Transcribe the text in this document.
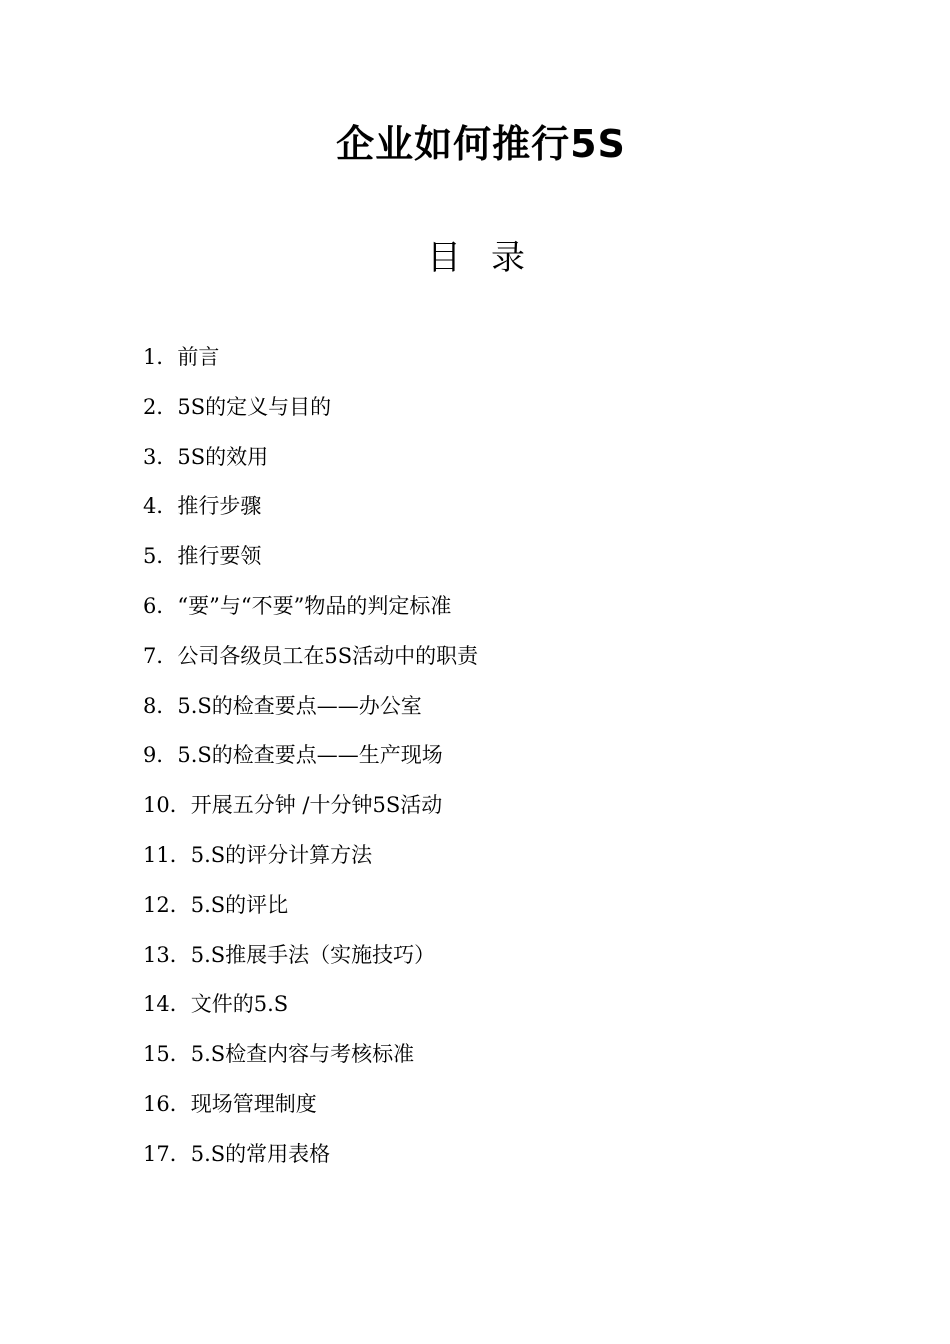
企业如何推行5S
目 录
1．前言
2．5S的定义与目的
3．5S的效用
4．推行步骤
5．推行要领
6．“要”与“不要”物品的判定标准
7．公司各级员工在5S活动中的职责
8．5.S的检查要点——办公室
9．5.S的检查要点——生产现场
10．开展五分钟 /十分钟5S活动
11．5.S的评分计算方法
12．5.S的评比
13．5.S推展手法（实施技巧）
14．文件的5.S
15．5.S检查内容与考核标准
16．现场管理制度
17．5.S的常用表格
